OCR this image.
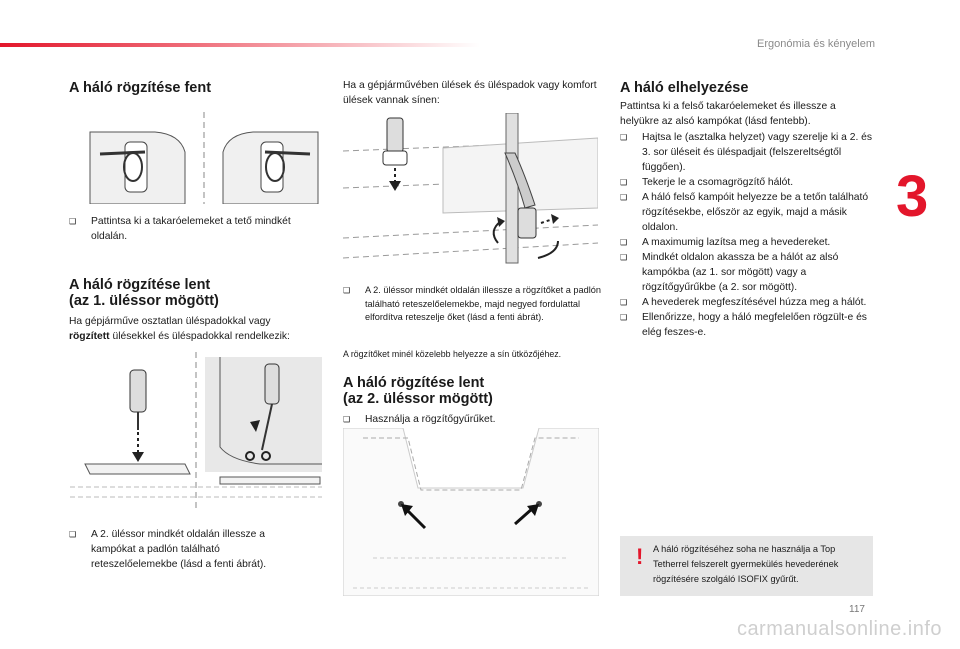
Ergonómia és kényelem
3
117
carmanualsonline.info
A háló rögzítése fent
❑ Pattintsa ki a takaróelemeket a tető mindkét oldalán.
A háló rögzítése lent
(az 1. üléssor mögött)

Ha gépjárműve osztatlan üléspadokkal vagy
rögzített ülésekkel és üléspadokkal rendelkezik:

❑ A 2. üléssor mindkét oldalán illessze a kampókat a padlón található reteszelőelemekbe (lásd a fenti ábrát).

Ha a gépjárművében ülések és üléspadok vagy komfort ülések vannak sínen:

❑ A 2. üléssor mindkét oldalán illessze a rögzítőket a padlón található reteszelőelemekbe, majd negyed fordulattal elfordítva reteszelje őket (lásd a fenti ábrát).

A rögzítőket minél közelebb helyezze a sín ütközőjéhez.

A háló rögzítése lent
(az 2. üléssor mögött)
❑ Használja a rögzítőgyűrűket.
A háló elhelyezése

Pattintsa ki a felső takaróelemeket és illessze a helyükre az alsó kampókat (lásd fentebb).

❑ Hajtsa le (asztalka helyzet) vagy szerelje ki a 2. és 3. sor üléseit és üléspadjait (felszereltségtől függően).
❑ Tekerje le a csomagrögzítő hálót.
❑ A háló felső kampóit helyezze be a tetőn található rögzítésekbe, először az egyik, majd a másik oldalon.
❑ A maximumig lazítsa meg a hevedereket.
❑ Mindkét oldalon akassza be a hálót az alsó kampókba (az 1. sor mögött) vagy a rögzítőgyűrűkbe (a 2. sor mögött).
❑ A hevederek megfeszítésével húzza meg a hálót.
❑ Ellenőrizze, hogy a háló megfelelően rögzült-e és elég feszes-e.
! A háló rögzítéséhez soha ne használja a Top Tetherrel felszerelt gyermekülés hevederének rögzítésére szolgáló ISOFIX gyűrűt.
